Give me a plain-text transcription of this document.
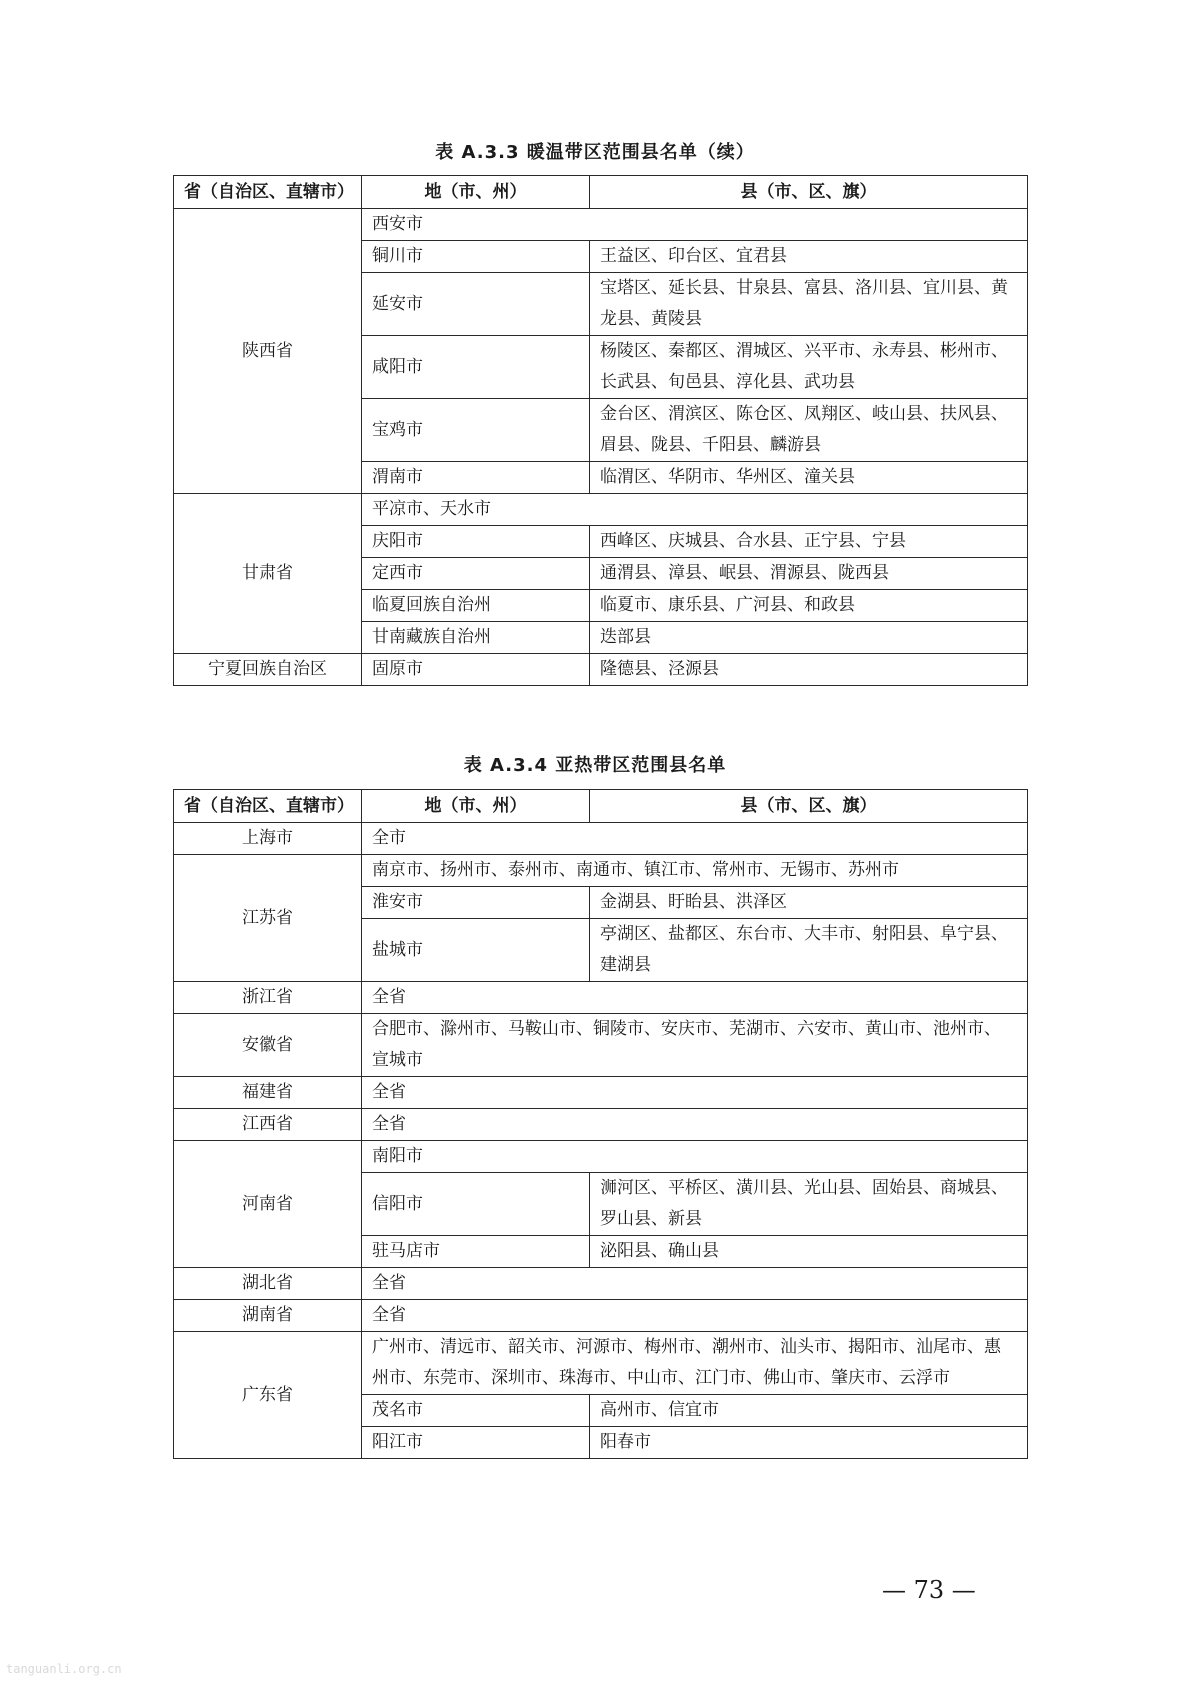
表 A.3.3 暖温带区范围县名单（续）
省（自治区、直辖市）	地（市、州）	县（市、区、旗）
陕西省	西安市	
	铜川市	王益区、印台区、宜君县
	延安市	宝塔区、延长县、甘泉县、富县、洛川县、宜川县、黄龙县、黄陵县
	咸阳市	杨陵区、秦都区、渭城区、兴平市、永寿县、彬州市、长武县、旬邑县、淳化县、武功县
	宝鸡市	金台区、渭滨区、陈仓区、凤翔区、岐山县、扶风县、眉县、陇县、千阳县、麟游县
	渭南市	临渭区、华阴市、华州区、潼关县
甘肃省	平凉市、天水市	
	庆阳市	西峰区、庆城县、合水县、正宁县、宁县
	定西市	通渭县、漳县、岷县、渭源县、陇西县
	临夏回族自治州	临夏市、康乐县、广河县、和政县
	甘南藏族自治州	迭部县
宁夏回族自治区	固原市	隆德县、泾源县
表 A.3.4 亚热带区范围县名单
省（自治区、直辖市）	地（市、州）	县（市、区、旗）
上海市	全市	
江苏省	南京市、扬州市、泰州市、南通市、镇江市、常州市、无锡市、苏州市	
	淮安市	金湖县、盱眙县、洪泽区
	盐城市	亭湖区、盐都区、东台市、大丰市、射阳县、阜宁县、建湖县
浙江省	全省	
安徽省	合肥市、滁州市、马鞍山市、铜陵市、安庆市、芜湖市、六安市、黄山市、池州市、宣城市	
福建省	全省	
江西省	全省	
河南省	南阳市	
	信阳市	浉河区、平桥区、潢川县、光山县、固始县、商城县、罗山县、新县
	驻马店市	泌阳县、确山县
湖北省	全省	
湖南省	全省	
广东省	广州市、清远市、韶关市、河源市、梅州市、潮州市、汕头市、揭阳市、汕尾市、惠州市、东莞市、深圳市、珠海市、中山市、江门市、佛山市、肇庆市、云浮市	
	茂名市	高州市、信宜市
	阳江市	阳春市
— 73 —
tanguanli.org.cn
